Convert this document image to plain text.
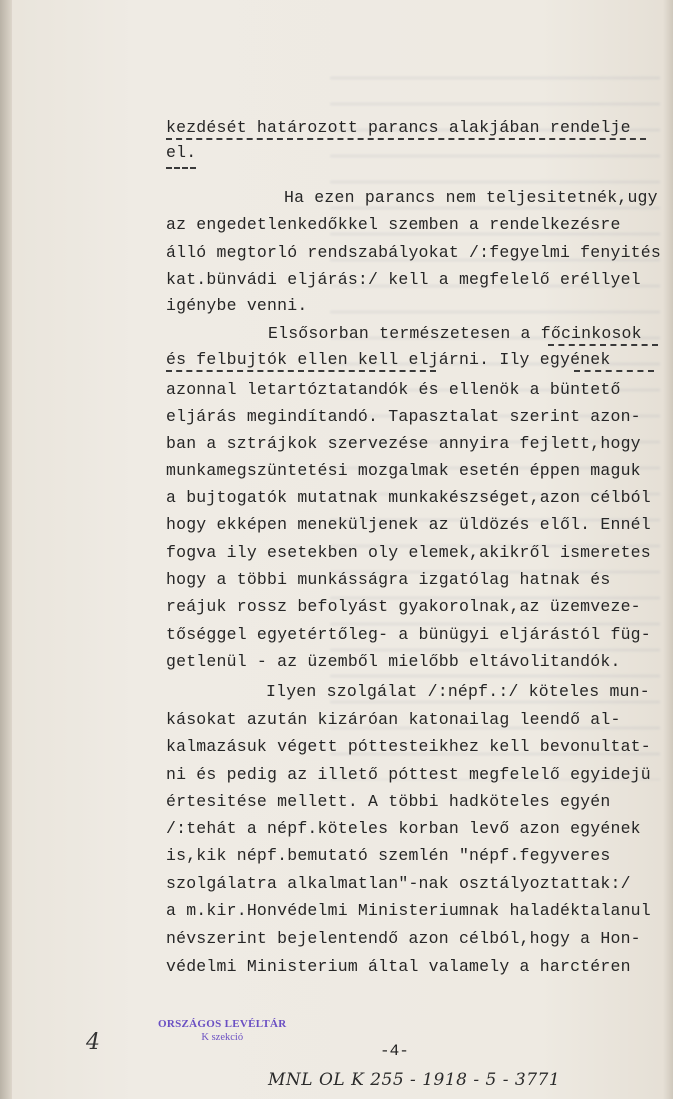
kezdését határozott parancs alakjában rendelje
el.
Ha ezen parancs nem teljesitetnék,ugy
az engedetlenkedőkkel szemben a rendelkezésre
álló megtorló rendszabályokat /:fegyelmi fenyités
kat.bünvádi eljárás:/ kell a megfelelő eréllyel
igénybe venni.
Elsősorban természetesen a főcinkosok
és felbujtók ellen kell eljárni. Ily egyének
azonnal letartóztatandók és ellenök a büntető
eljárás megindítandó. Tapasztalat szerint azon-
ban a sztrájkok szervezése annyira fejlett,hogy
munkamegszüntetési mozgalmak esetén éppen maguk
a bujtogatók mutatnak munkakészséget,azon célból
hogy ekképen meneküljenek az üldözés elől. Ennél
fogva ily esetekben oly elemek,akikről ismeretes
hogy a többi munkásságra izgatólag hatnak és
reájuk rossz befolyást gyakorolnak,az üzemveze-
tőséggel egyetértőleg- a bünügyi eljárástól füg-
getlenül - az üzemből mielőbb eltávolitandók.
Ilyen szolgálat /:népf.:/ köteles mun-
kásokat azután kizáróan katonailag leendő al-
kalmazásuk végett póttesteikhez kell bevonultat-
ni és pedig az illető póttest megfelelő egyidejü
értesitése mellett. A többi hadköteles egyén
/:tehát a népf.köteles korban levő azon egyének
is,kik népf.bemutató szemlén "népf.fegyveres
szolgálatra alkalmatlan"-nak osztályoztattak:/
a m.kir.Honvédelmi Ministeriumnak haladéktalanul
névszerint bejelentendő azon célból,hogy a Hon-
védelmi Ministerium által valamely a harctéren
4
ORSZÁGOS LEVÉLTÁR
K szekció
-4-
MNL OL K 255 - 1918 - 5 - 3771
